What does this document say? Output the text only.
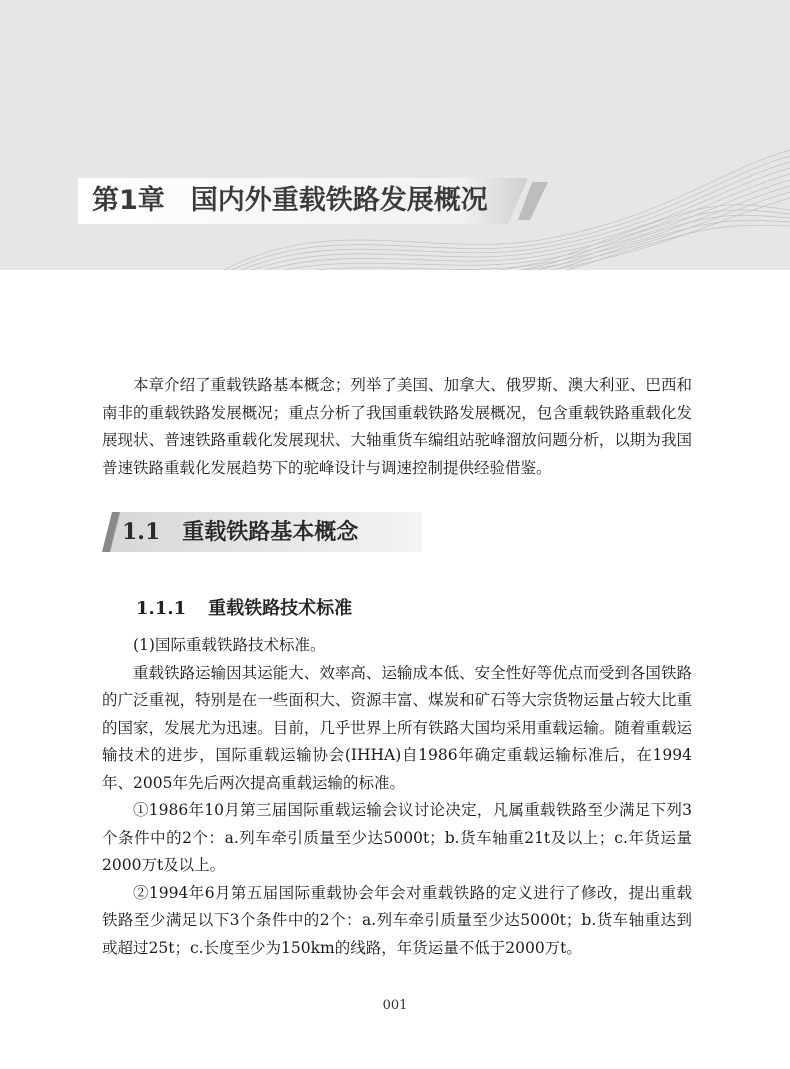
第1章 国内外重载铁路发展概况

本章介绍了重载铁路基本概念；列举了美国、加拿大、俄罗斯、澳大利亚、巴西和南非的重载铁路发展概况；重点分析了我国重载铁路发展概况，包含重载铁路重载化发展现状、普速铁路重载化发展现状、大轴重货车编组站驼峰溜放问题分析，以期为我国普速铁路重载化发展趋势下的驼峰设计与调速控制提供经验借鉴。

1.1 重载铁路基本概念
1.1.1 重载铁路技术标准

(1)国际重载铁路技术标准。

重载铁路运输因其运能大、效率高、运输成本低、安全性好等优点而受到各国铁路的广泛重视，特别是在一些面积大、资源丰富、煤炭和矿石等大宗货物运量占较大比重的国家，发展尤为迅速。目前，几乎世界上所有铁路大国均采用重载运输。随着重载运输技术的进步，国际重载运输协会(IHHA)自1986年确定重载运输标准后，在1994年、2005年先后两次提高重载运输的标准。

①1986年10月第三届国际重载运输会议讨论决定，凡属重载铁路至少满足下列3个条件中的2个：a.列车牵引质量至少达5000t；b.货车轴重21t及以上；c.年货运量2000万t及以上。

②1994年6月第五届国际重载协会年会对重载铁路的定义进行了修改，提出重载铁路至少满足以下3个条件中的2个：a.列车牵引质量至少达5000t；b.货车轴重达到或超过25t；c.长度至少为150km的线路，年货运量不低于2000万t。

001
